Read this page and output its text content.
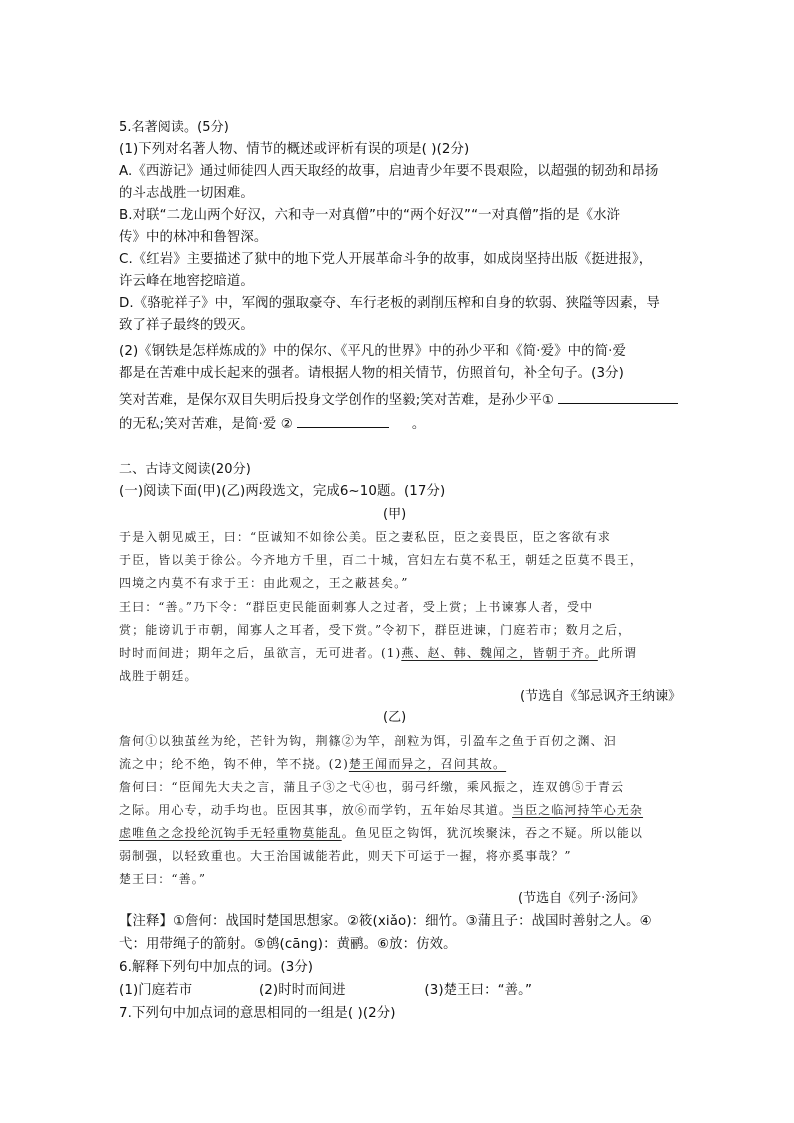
5.名著阅读。(5分)
(1)下列对名著人物、情节的概述或评析有误的项是( )(2分)
A.《西游记》通过师徒四人西天取经的故事，启迪青少年要不畏艰险，以超强的韧劲和昂扬
的斗志战胜一切困难。
B.对联“二龙山两个好汉，六和寺一对真僧”中的“两个好汉”“一对真僧”指的是《水浒
传》中的林冲和鲁智深。
C.《红岩》主要描述了狱中的地下党人开展革命斗争的故事，如成岗坚持出版《挺进报》，
许云峰在地窖挖暗道。
D.《骆驼祥子》中，军阀的强取豪夺、车行老板的剥削压榨和自身的软弱、狭隘等因素，导
致了祥子最终的毁灭。
(2)《钢铁是怎样炼成的》中的保尔、《平凡的世界》中的孙少平和《简·爱》中的简·爱
都是在苦难中成长起来的强者。请根据人物的相关情节，仿照首句，补全句子。(3分)
笑对苦难，是保尔双目失明后投身文学创作的坚毅;笑对苦难，是孙少平①
的无私;笑对苦难，是简·爱 ②	。
二、古诗文阅读(20分)
(一)阅读下面(甲)(乙)两段选文，完成6~10题。(17分)
(甲)
于是入朝见威王，曰：“臣诚知不如徐公美。臣之妻私臣，臣之妾畏臣，臣之客欲有求
于臣，皆以美于徐公。今齐地方千里，百二十城，宫妇左右莫不私王，朝廷之臣莫不畏王，
四境之内莫不有求于王：由此观之，王之蔽甚矣。”
王曰：“善。”乃下令：“群臣吏民能面刺寡人之过者，受上赏；上书谏寡人者，受中
赏；能谤讥于市朝，闻寡人之耳者，受下赏。”令初下，群臣进谏，门庭若市；数月之后，
时时而间进；期年之后，虽欲言，无可进者。(1)燕、赵、韩、魏闻之，皆朝于齐。此所谓
战胜于朝廷。
(节选自《邹忌讽齐王纳谏》
(乙)
詹何①以独茧丝为纶，芒针为钩，荆篠②为竿，剖粒为饵，引盈车之鱼于百仞之渊、汩
流之中；纶不绝，钩不伸，竿不挠。(2)楚王闻而异之，召问其故。
詹何曰：“臣闻先大夫之言，蒲且子③之弋④也，弱弓纤缴，乘风振之，连双鸧⑤于青云
之际。用心专，动手均也。臣因其事，放⑥而学钓，五年始尽其道。当臣之临河持竿心无杂
虑唯鱼之念投纶沉钩手无轻重物莫能乱。鱼见臣之钩饵，犹沉埃聚沫，吞之不疑。所以能以
弱制强，以轻致重也。大王治国诚能若此，则天下可运于一握，将亦奚事哉？”
楚王曰：“善。”
(节选自《列子·汤问》
【注释】①詹何：战国时楚国思想家。②筱(xiǎo)：细竹。③蒲且子：战国时善射之人。④
弋：用带绳子的箭射。⑤鸧(cāng)：黄鹂。⑥放：仿效。
6.解释下列句中加点的词。(3分)
(1)门庭若市	(2)时时而间进	(3)楚王曰：“善。”
7.下列句中加点词的意思相同的一组是( )(2分)
